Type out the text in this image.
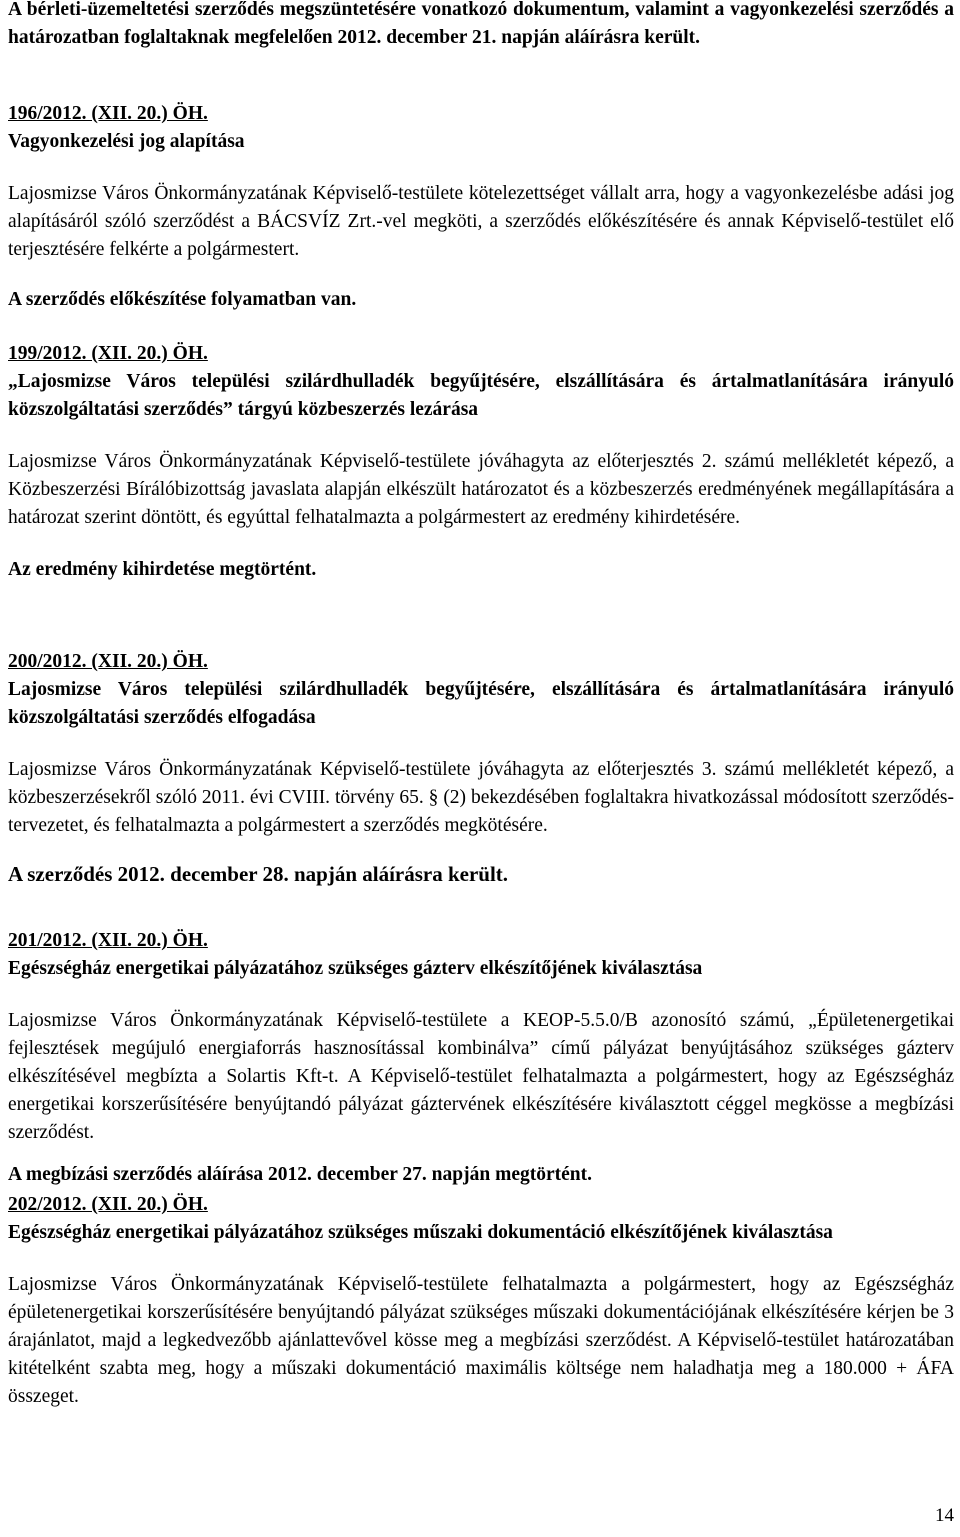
A bérleti-üzemeltetési szerződés megszüntetésére vonatkozó dokumentum, valamint a vagyonkezelési szerződés a határozatban foglaltaknak megfelelően 2012. december 21. napján aláírásra került.

196/2012. (XII. 20.) ÖH.

Vagyonkezelési jog alapítása

Lajosmizse Város Önkormányzatának Képviselő-testülete kötelezettséget vállalt arra, hogy a vagyonkezelésbe adási jog alapításáról szóló szerződést a BÁCSVÍZ Zrt.-vel megköti, a szerződés előkészítésére és annak Képviselő-testület elő terjesztésére felkérte a polgármestert.

A szerződés előkészítése folyamatban van.

199/2012. (XII. 20.) ÖH.

„Lajosmizse Város települési szilárdhulladék begyűjtésére, elszállítására és ártalmatlanítására irányuló közszolgáltatási szerződés” tárgyú közbeszerzés lezárása

Lajosmizse Város Önkormányzatának Képviselő-testülete jóváhagyta az előterjesztés 2. számú mellékletét képező, a Közbeszerzési Bírálóbizottság javaslata alapján elkészült határozatot és a közbeszerzés eredményének megállapítására a határozat szerint döntött, és egyúttal felhatalmazta a polgármestert az eredmény kihirdetésére.

Az eredmény kihirdetése megtörtént.

200/2012. (XII. 20.) ÖH.

Lajosmizse Város települési szilárdhulladék begyűjtésére, elszállítására és ártalmatlanítására irányuló közszolgáltatási szerződés elfogadása

Lajosmizse Város Önkormányzatának Képviselő-testülete jóváhagyta az előterjesztés 3. számú mellékletét képező, a közbeszerzésekről szóló 2011. évi CVIII. törvény 65. § (2) bekezdésében foglaltakra hivatkozással módosított szerződés-tervezetet, és felhatalmazta a polgármestert a szerződés megkötésére.

A szerződés 2012. december 28. napján aláírásra került.

201/2012. (XII. 20.) ÖH.

Egészségház energetikai pályázatához szükséges gázterv elkészítőjének kiválasztása

Lajosmizse Város Önkormányzatának Képviselő-testülete a KEOP-5.5.0/B azonosító számú, „Épületenergetikai fejlesztések megújuló energiaforrás hasznosítással kombinálva” című pályázat benyújtásához szükséges gázterv elkészítésével megbízta a Solartis Kft-t. A Képviselő-testület felhatalmazta a polgármestert, hogy az Egészségház energetikai korszerűsítésére benyújtandó pályázat gáztervének elkészítésére kiválasztott céggel megkösse a megbízási szerződést.

A megbízási szerződés aláírása 2012. december 27. napján megtörtént.

202/2012. (XII. 20.) ÖH.

Egészségház energetikai pályázatához szükséges műszaki dokumentáció elkészítőjének kiválasztása

Lajosmizse Város Önkormányzatának Képviselő-testülete felhatalmazta a polgármestert, hogy az Egészségház épületenergetikai korszerűsítésére benyújtandó pályázat szükséges műszaki dokumentációjának elkészítésére kérjen be 3 árajánlatot, majd a legkedvezőbb ajánlattevővel kösse meg a megbízási szerződést. A Képviselő-testület határozatában kitételként szabta meg, hogy a műszaki dokumentáció maximális költsége nem haladhatja meg a 180.000 + ÁFA összeget.

14
